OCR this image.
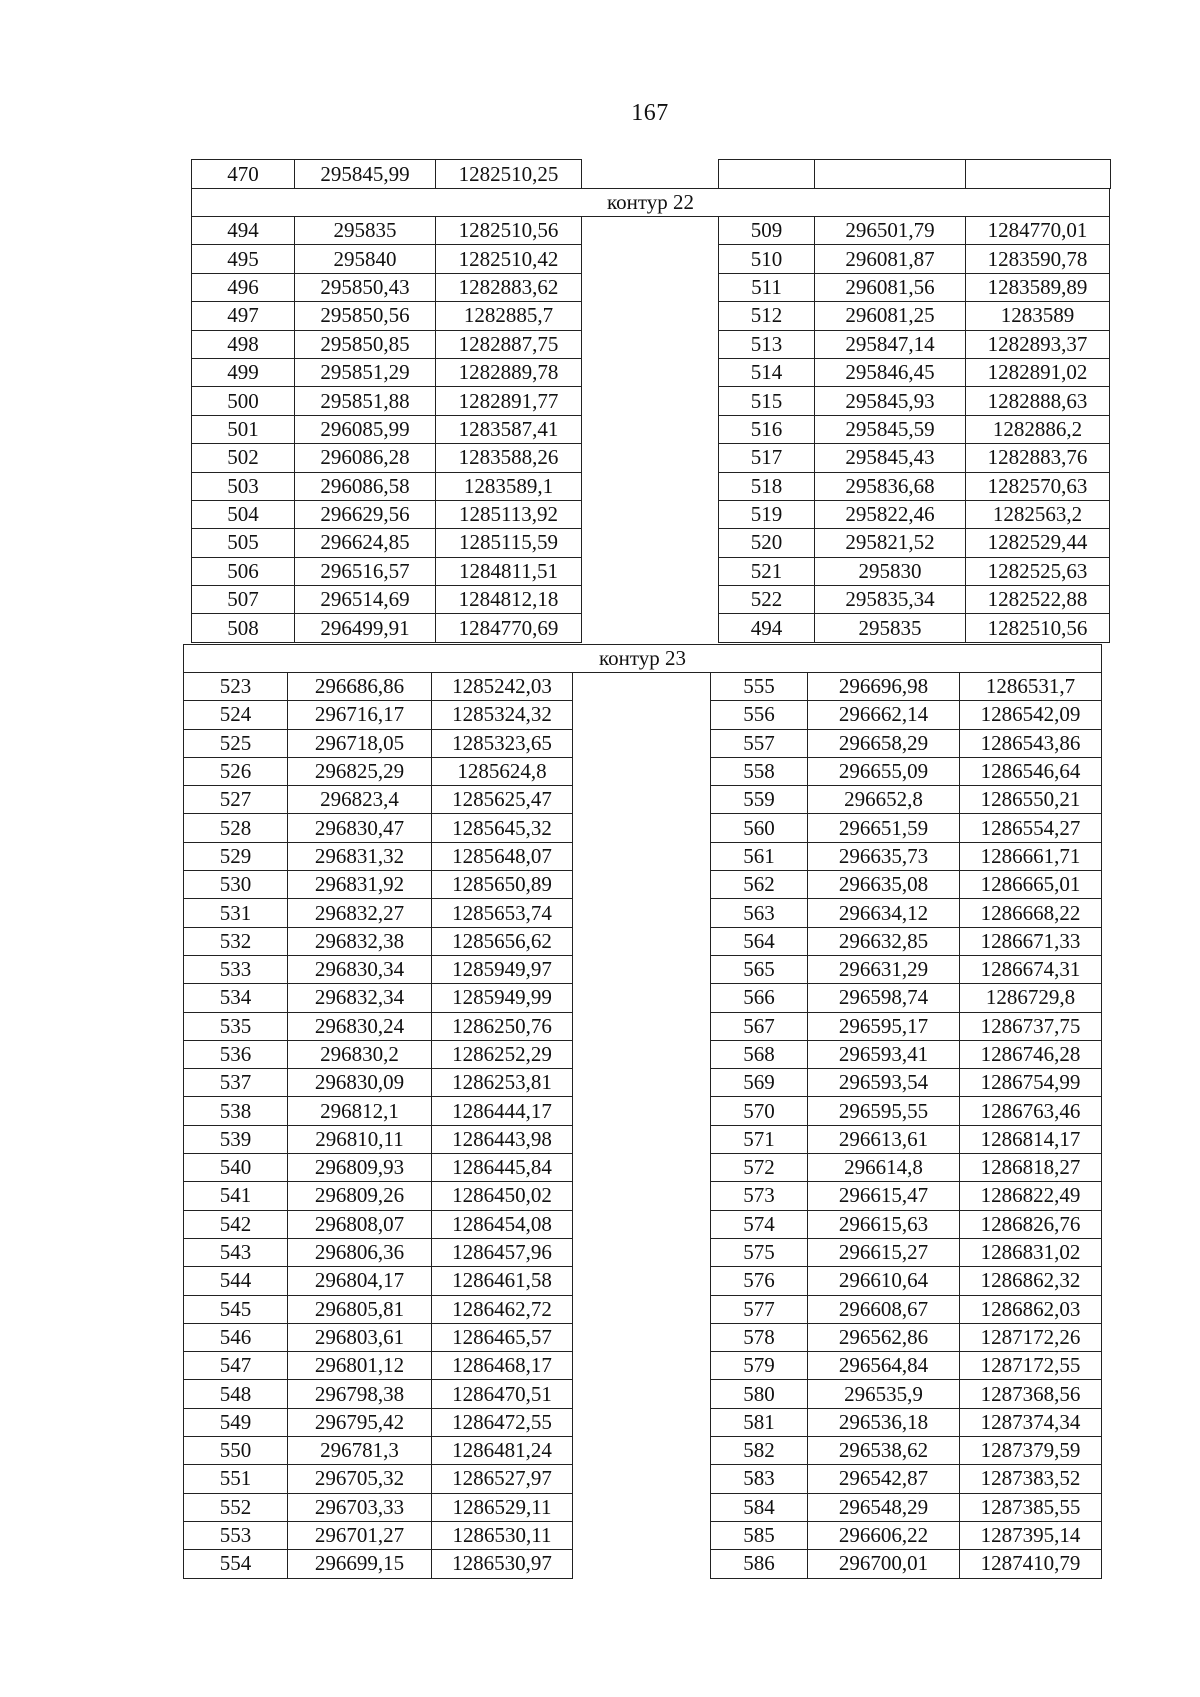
167
470	295845,99	1282510,25

контур 22						
494	295835	1282510,56		509	296501,79	1284770,01
495	295840	1282510,42		510	296081,87	1283590,78
496	295850,43	1282883,62		511	296081,56	1283589,89
497	295850,56	1282885,7		512	296081,25	1283589
498	295850,85	1282887,75		513	295847,14	1282893,37
499	295851,29	1282889,78		514	295846,45	1282891,02
500	295851,88	1282891,77		515	295845,93	1282888,63
501	296085,99	1283587,41		516	295845,59	1282886,2
502	296086,28	1283588,26		517	295845,43	1282883,76
503	296086,58	1283589,1		518	295836,68	1282570,63
504	296629,56	1285113,92		519	295822,46	1282563,2
505	296624,85	1285115,59		520	295821,52	1282529,44
506	296516,57	1284811,51		521	295830	1282525,63
507	296514,69	1284812,18		522	295835,34	1282522,88
508	296499,91	1284770,69		494	295835	1282510,56
контур 23						
523	296686,86	1285242,03		555	296696,98	1286531,7
524	296716,17	1285324,32		556	296662,14	1286542,09
525	296718,05	1285323,65		557	296658,29	1286543,86
526	296825,29	1285624,8		558	296655,09	1286546,64
527	296823,4	1285625,47		559	296652,8	1286550,21
528	296830,47	1285645,32		560	296651,59	1286554,27
529	296831,32	1285648,07		561	296635,73	1286661,71
530	296831,92	1285650,89		562	296635,08	1286665,01
531	296832,27	1285653,74		563	296634,12	1286668,22
532	296832,38	1285656,62		564	296632,85	1286671,33
533	296830,34	1285949,97		565	296631,29	1286674,31
534	296832,34	1285949,99		566	296598,74	1286729,8
535	296830,24	1286250,76		567	296595,17	1286737,75
536	296830,2	1286252,29		568	296593,41	1286746,28
537	296830,09	1286253,81		569	296593,54	1286754,99
538	296812,1	1286444,17		570	296595,55	1286763,46
539	296810,11	1286443,98		571	296613,61	1286814,17
540	296809,93	1286445,84		572	296614,8	1286818,27
541	296809,26	1286450,02		573	296615,47	1286822,49
542	296808,07	1286454,08		574	296615,63	1286826,76
543	296806,36	1286457,96		575	296615,27	1286831,02
544	296804,17	1286461,58		576	296610,64	1286862,32
545	296805,81	1286462,72		577	296608,67	1286862,03
546	296803,61	1286465,57		578	296562,86	1287172,26
547	296801,12	1286468,17		579	296564,84	1287172,55
548	296798,38	1286470,51		580	296535,9	1287368,56
549	296795,42	1286472,55		581	296536,18	1287374,34
550	296781,3	1286481,24		582	296538,62	1287379,59
551	296705,32	1286527,97		583	296542,87	1287383,52
552	296703,33	1286529,11		584	296548,29	1287385,55
553	296701,27	1286530,11		585	296606,22	1287395,14
554	296699,15	1286530,97		586	296700,01	1287410,79
